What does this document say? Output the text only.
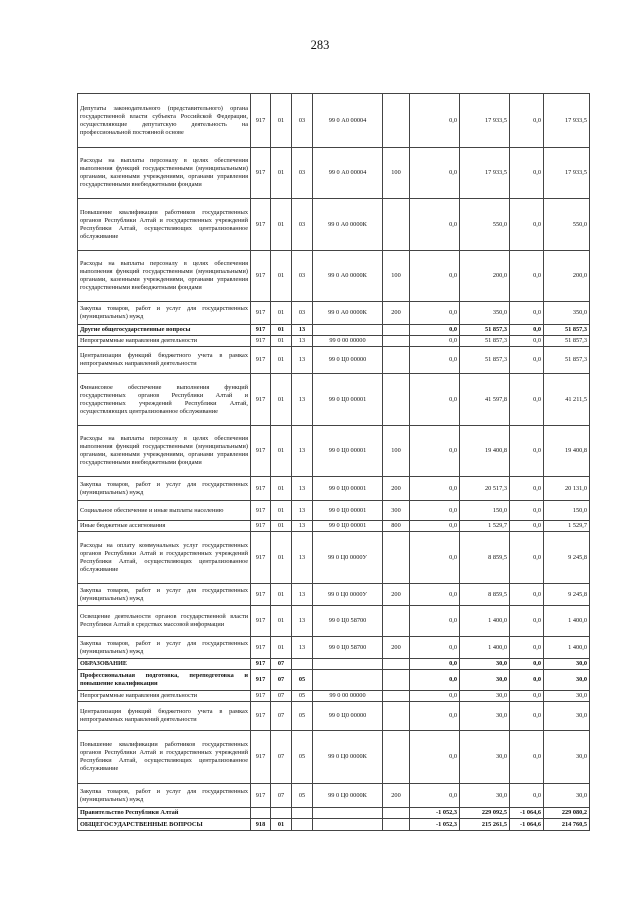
283
Депутаты законодательного (представительного) органа государственной власти субъекта Российской Федерации, осуществляющие депутатскую деятельность на профессиональной постоянной основе	917	01	03	99 0 А0 00004		0,0	17 933,5	0,0	17 933,5
Расходы на выплаты персоналу в целях обеспечения выполнения функций государственными (муниципальными) органами, казенными учреждениями, органами управления государственными внебюджетными фондами	917	01	03	99 0 А0 00004	100	0,0	17 933,5	0,0	17 933,5
Повышение квалификации работников государственных органов Республики Алтай и государственных учреждений Республики Алтай, осуществляющих централизованное обслуживание	917	01	03	99 0 А0 0000К		0,0	550,0	0,0	550,0
Расходы на выплаты персоналу в целях обеспечения выполнения функций государственными (муниципальными) органами, казенными учреждениями, органами управления государственными внебюджетными фондами	917	01	03	99 0 А0 0000К	100	0,0	200,0	0,0	200,0
Закупка товаров, работ и услуг для государственных (муниципальных) нужд	917	01	03	99 0 А0 0000К	200	0,0	350,0	0,0	350,0
Другие общегосударственные вопросы	917	01	13			0,0	51 857,3	0,0	51 857,3
Непрограммные направления деятельности	917	01	13	99 0 00 00000		0,0	51 857,3	0,0	51 857,3
Централизация функций бюджетного учета в рамках непрограммных направлений деятельности	917	01	13	99 0 Ц0 00000		0,0	51 857,3	0,0	51 857,3
Финансовое обеспечение выполнения функций государственных органов Республики Алтай и государственных учреждений Республики Алтай, осуществляющих централизованное обслуживание	917	01	13	99 0 Ц0 00001		0,0	41 597,8	0,0	41 211,5
Расходы на выплаты персоналу в целях обеспечения выполнения функций государственными (муниципальными) органами, казенными учреждениями, органами управления государственными внебюджетными фондами	917	01	13	99 0 Ц0 00001	100	0,0	19 400,8	0,0	19 400,8
Закупка товаров, работ и услуг для государственных (муниципальных) нужд	917	01	13	99 0 Ц0 00001	200	0,0	20 517,3	0,0	20 131,0
Социальное обеспечение и иные выплаты населению	917	01	13	99 0 Ц0 00001	300	0,0	150,0	0,0	150,0
Иные бюджетные ассигнования	917	01	13	99 0 Ц0 00001	800	0,0	1 529,7	0,0	1 529,7
Расходы на оплату коммунальных услуг государственных органов Республики Алтай и государственных учреждений Республики Алтай, осуществляющих централизованное обслуживание	917	01	13	99 0 Ц0 0000У		0,0	8 859,5	0,0	9 245,8
Закупка товаров, работ и услуг для государственных (муниципальных) нужд	917	01	13	99 0 Ц0 0000У	200	0,0	8 859,5	0,0	9 245,8
Освещение деятельности органов государственной власти Республики Алтай в средствах массовой информации	917	01	13	99 0 Ц0 58700		0,0	1 400,0	0,0	1 400,0
Закупка товаров, работ и услуг для государственных (муниципальных) нужд	917	01	13	99 0 Ц0 58700	200	0,0	1 400,0	0,0	1 400,0
ОБРАЗОВАНИЕ	917	07				0,0	30,0	0,0	30,0
Профессиональная подготовка, переподготовка и повышение квалификации	917	07	05			0,0	30,0	0,0	30,0
Непрограммные направления деятельности	917	07	05	99 0 00 00000		0,0	30,0	0,0	30,0
Централизация функций бюджетного учета в рамках непрограммных направлений деятельности	917	07	05	99 0 Ц0 00000		0,0	30,0	0,0	30,0
Повышение квалификации работников государственных органов Республики Алтай и государственных учреждений Республики Алтай, осуществляющих централизованное обслуживание	917	07	05	99 0 Ц0 0000К		0,0	30,0	0,0	30,0
Закупка товаров, работ и услуг для государственных (муниципальных) нужд	917	07	05	99 0 Ц0 0000К	200	0,0	30,0	0,0	30,0
Правительство Республики Алтай						-1 052,3	229 092,5	-1 064,6	229 080,2
ОБЩЕГОСУДАРСТВЕННЫЕ ВОПРОСЫ	918	01				-1 052,3	215 261,5	-1 064,6	214 760,5
